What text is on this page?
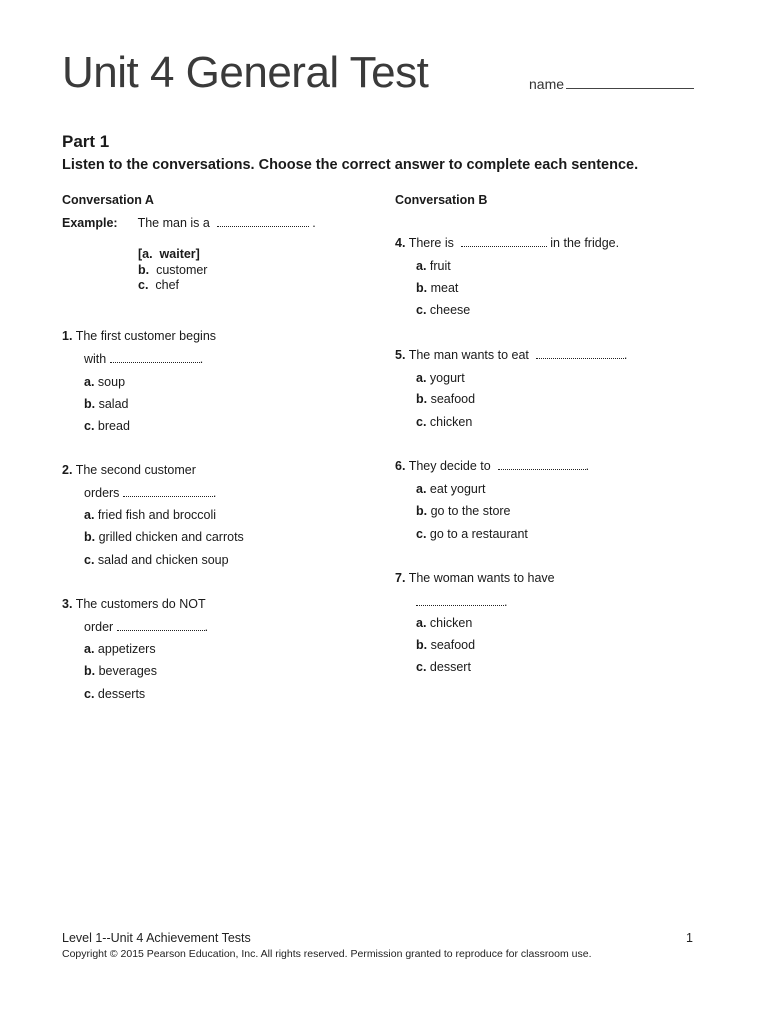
Unit 4 General Test	name
Part 1
Listen to the conversations. Choose the correct answer to complete each sentence.
Conversation A
Example: The man is a	.
[a. waiter]
b. customer
c. chef
1. The first customer begins
with	.
a. soup
b. salad
c. bread
2. The second customer
orders	.
a. fried fish and broccoli
b. grilled chicken and carrots
c. salad and chicken soup
3. The customers do NOT
order	.
a. appetizers
b. beverages
c. desserts
Conversation B
4. There is	in the fridge.
a. fruit
b. meat
c. cheese
5. The man wants to eat	.
a. yogurt
b. seafood
c. chicken
6. They decide to	.
a. eat yogurt
b. go to the store
c. go to a restaurant
7. The woman wants to have
.
a. chicken
b. seafood
c. dessert
Level 1--Unit 4 Achievement Tests	1
Copyright © 2015 Pearson Education, Inc. All rights reserved. Permission granted to reproduce for classroom use.
